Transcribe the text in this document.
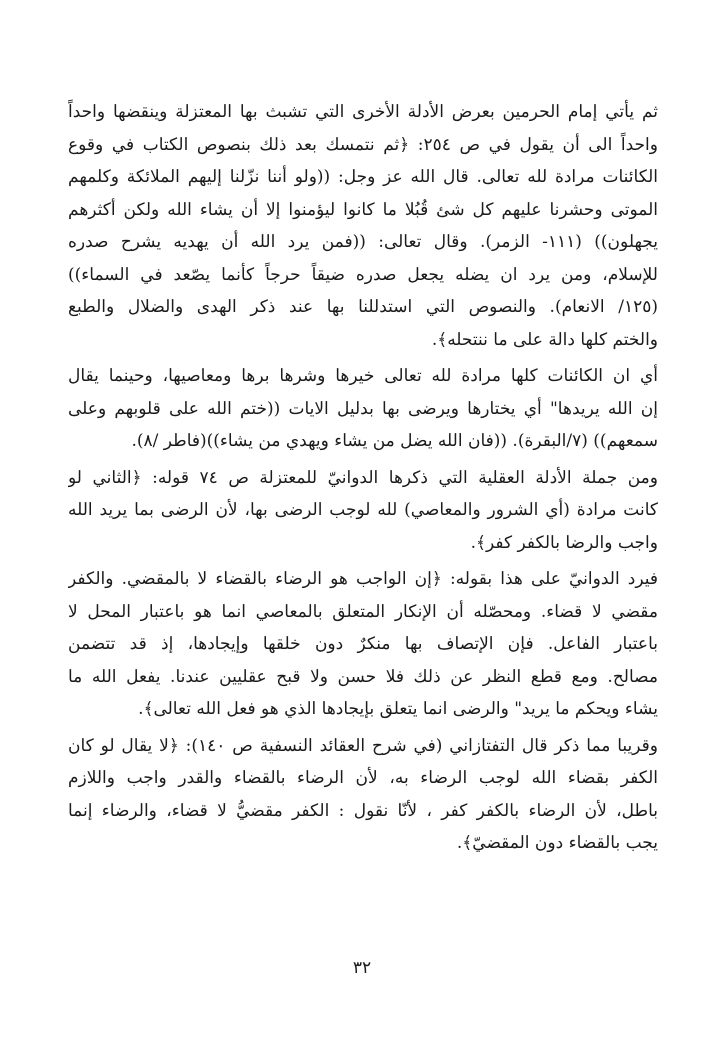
ثم يأتي إمام الحرمين بعرض الأدلة الأخرى التي تشبث بها المعتزلة وينقضها واحداً
واحداً الى أن يقول في ص ٢٥٤: ﴿ثم نتمسك بعد ذلك بنصوص الكتاب في وقوع
الكائنات مرادة لله تعالى. قال الله عز وجل: ((ولو أننا نزّلنا إليهم الملائكة وكلمهم
الموتى وحشرنا عليهم كل شئ قُبُلا ما كانوا ليؤمنوا إلا أن يشاء الله ولكن أكثرهم
يجهلون)) (١١١- الزمر). وقال تعالى: ((فمن يرد الله أن يهديه يشرح صدره
للإسلام، ومن يرد ان يضله يجعل صدره ضيقاً حرجاً كأنما يصّعد في السماء))
(١٢٥/ الانعام). والنصوص التي استدللنا بها عند ذكر الهدى والضلال والطبع
والختم كلها دالة على ما ننتحله﴾.

أي ان الكائنات كلها مرادة لله تعالى خيرها وشرها برها ومعاصيها، وحينما يقال
إن الله يريدها" أي يختارها ويرضى بها بدليل الايات ((ختم الله على قلوبهم وعلى
سمعهم)) (٧/البقرة). ((فان الله يضل من يشاء ويهدي من يشاء))(فاطر /٨).

ومن جملة الأدلة العقلية التي ذكرها الدوانيّ للمعتزلة ص ٧٤ قوله: ﴿الثاني لو
كانت مرادة (أي الشرور والمعاصي) لله لوجب الرضى بها، لأن الرضى بما يريد الله
واجب والرضا بالكفر كفر﴾.

فيرد الدوانيّ على هذا بقوله: ﴿إن الواجب هو الرضاء بالقضاء لا بالمقضي. والكفر
مقضي لا قضاء. ومحصّله أن الإنكار المتعلق بالمعاصي انما هو باعتبار المحل لا
باعتبار الفاعل. فإن الإتصاف بها منكرٌ دون خلقها وإيجادها، إذ قد تتضمن
مصالح. ومع قطع النظر عن ذلك فلا حسن ولا قبح عقليين عندنا. يفعل الله ما
يشاء ويحكم ما يريد" والرضى انما يتعلق بإيجادها الذي هو فعل الله تعالى﴾.

وقريبا مما ذكر قال التفتازاني (في شرح العقائد النسفية ص ١٤٠): ﴿لا يقال لو كان
الكفر بقضاء الله لوجب الرضاء به، لأن الرضاء بالقضاء والقدر واجب واللازم
باطل، لأن الرضاء بالكفر كفر ، لأنّا نقول : الكفر مقضيُّ لا قضاء، والرضاء إنما
يجب بالقضاء دون المقضيّ﴾.

٣٢
